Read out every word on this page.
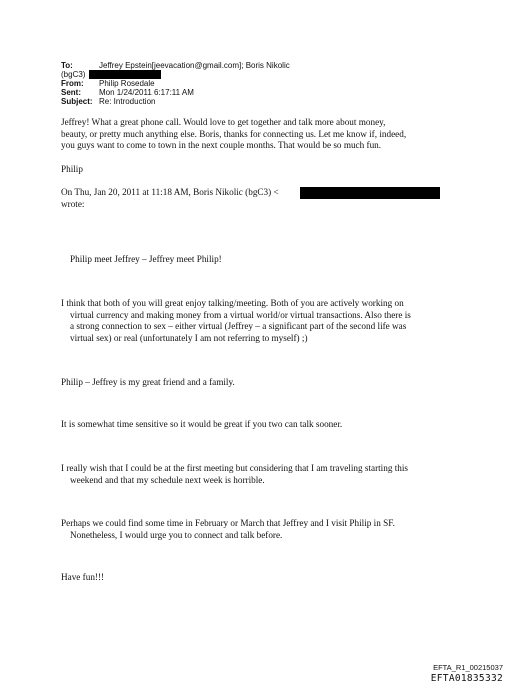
To:	Jeffrey Epstein[jeevacation@gmail.com]; Boris Nikolic
(bgC3)
From: Philip Rosedale
Sent: Mon 1/24/2011 6:17:11 AM
Subject: Re: Introduction
Jeffrey! What a great phone call. Would love to get together and talk more about money,
beauty, or pretty much anything else. Boris, thanks for connecting us. Let me know if, indeed,
you guys want to come to town in the next couple months. That would be so much fun.
Philip
On Thu, Jan 20, 2011 at 11:18 AM, Boris Nikolic (bgC3) <
wrote:
Philip meet Jeffrey – Jeffrey meet Philip!
I think that both of you will great enjoy talking/meeting. Both of you are actively working on
virtual currency and making money from a virtual world/or virtual transactions. Also there is
a strong connection to sex – either virtual (Jeffrey – a significant part of the second life was
virtual sex) or real (unfortunately I am not referring to myself) ;)
Philip – Jeffrey is my great friend and a family.
It is somewhat time sensitive so it would be great if you two can talk sooner.
I really wish that I could be at the first meeting but considering that I am traveling starting this
weekend and that my schedule next week is horrible.
Perhaps we could find some time in February or March that Jeffrey and I visit Philip in SF.
Nonetheless, I would urge you to connect and talk before.
Have fun!!!
EFTA_R1_00215037
EFTA01835332
